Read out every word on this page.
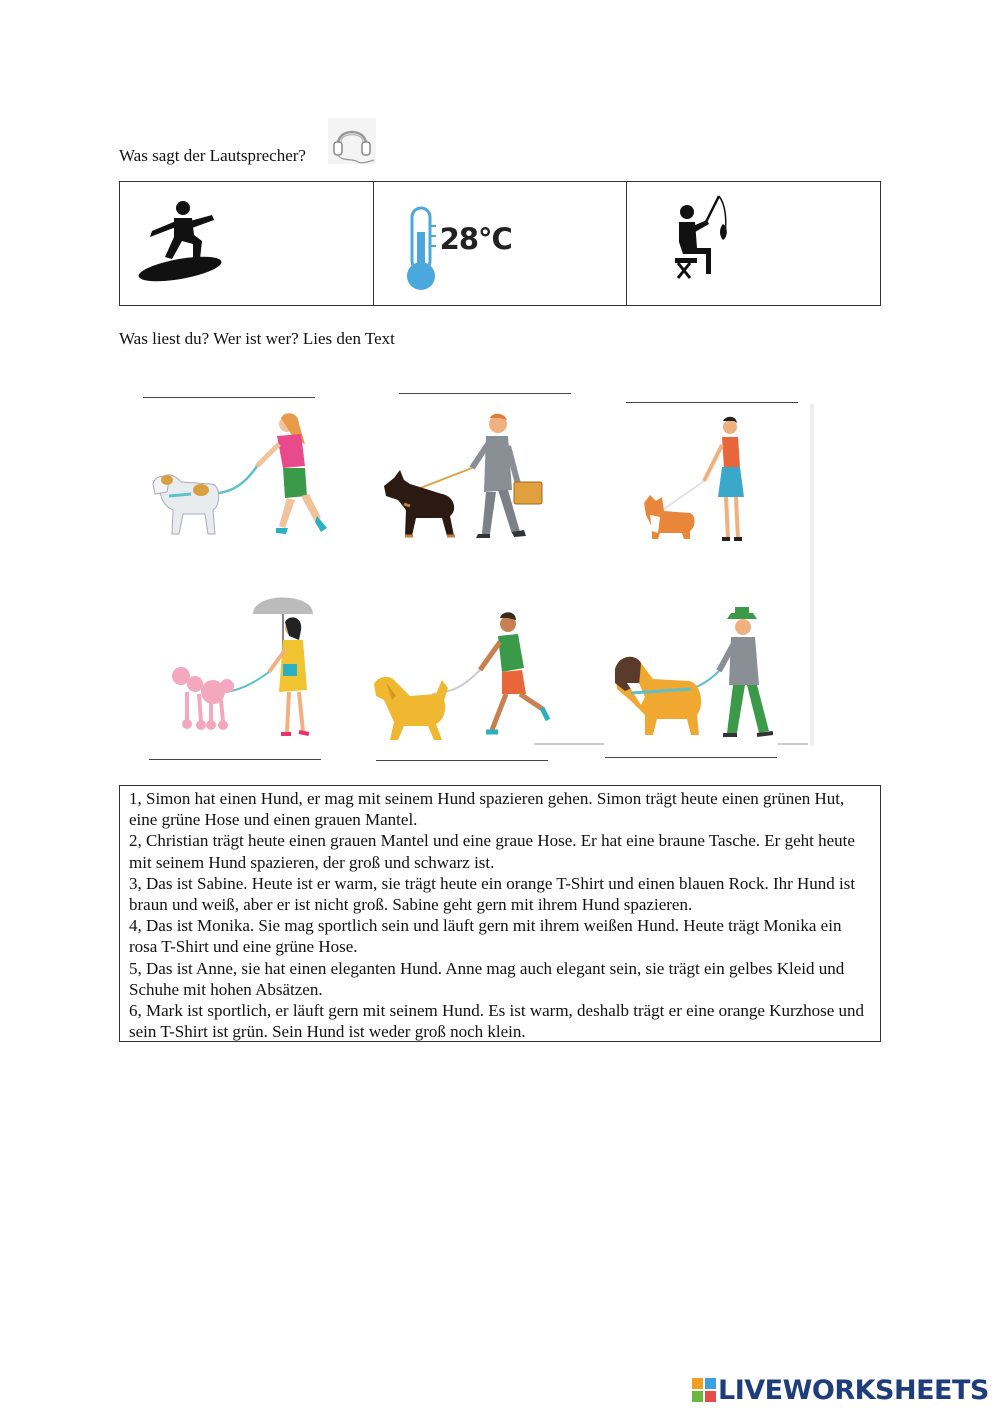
Was sagt der Lautsprecher?
28°C
Was liest du? Wer ist wer? Lies den Text

1, Simon hat einen Hund, er mag mit seinem Hund spazieren gehen. Simon trägt heute einen grünen Hut, eine grüne Hose und einen grauen Mantel.

2, Christian trägt heute einen grauen Mantel und eine graue Hose. Er hat eine braune Tasche. Er geht heute mit seinem Hund spazieren, der groß und schwarz ist.

3, Das ist Sabine. Heute ist er warm, sie trägt heute ein orange T-Shirt und einen blauen Rock. Ihr Hund ist braun und weiß, aber er ist nicht groß. Sabine geht gern mit ihrem Hund spazieren.

4, Das ist Monika. Sie mag sportlich sein und läuft gern mit ihrem weißen Hund. Heute trägt Monika ein rosa T-Shirt und eine grüne Hose.

5, Das ist Anne, sie hat einen eleganten Hund. Anne mag auch elegant sein, sie trägt ein gelbes Kleid und Schuhe mit hohen Absätzen.

6, Mark ist sportlich, er läuft gern mit seinem Hund. Es ist warm, deshalb trägt er eine orange Kurzhose und sein T-Shirt ist grün. Sein Hund ist weder groß noch klein.

LIVEWORKSHEETS
